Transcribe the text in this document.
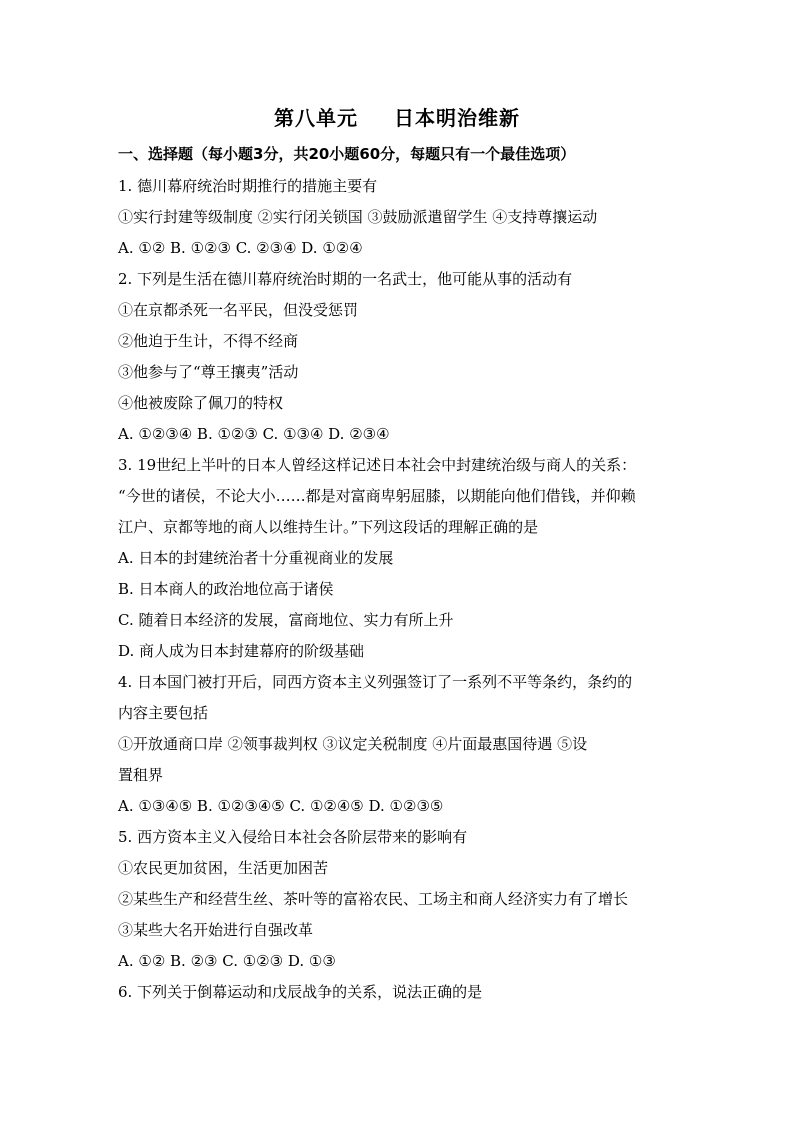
第八单元 日本明治维新
一、选择题（每小题3分，共20小题60分，每题只有一个最佳选项）
1. 德川幕府统治时期推行的措施主要有
①实行封建等级制度 ②实行闭关锁国 ③鼓励派遣留学生 ④支持尊攘运动
A. ①② B. ①②③ C. ②③④ D. ①②④
2. 下列是生活在德川幕府统治时期的一名武士，他可能从事的活动有
①在京都杀死一名平民，但没受惩罚
②他迫于生计，不得不经商
③他参与了“尊王攘夷”活动
④他被废除了佩刀的特权
A. ①②③④ B. ①②③ C. ①③④ D. ②③④
3. 19世纪上半叶的日本人曾经这样记述日本社会中封建统治级与商人的关系：
“今世的诸侯，不论大小……都是对富商卑躬屈膝，以期能向他们借钱，并仰赖
江户、京都等地的商人以维持生计。”下列这段话的理解正确的是
A. 日本的封建统治者十分重视商业的发展
B. 日本商人的政治地位高于诸侯
C. 随着日本经济的发展，富商地位、实力有所上升
D. 商人成为日本封建幕府的阶级基础
4. 日本国门被打开后，同西方资本主义列强签订了一系列不平等条约，条约的
内容主要包括
①开放通商口岸 ②领事裁判权 ③议定关税制度 ④片面最惠国待遇 ⑤设
置租界
A. ①③④⑤ B. ①②③④⑤ C. ①②④⑤ D. ①②③⑤
5. 西方资本主义入侵给日本社会各阶层带来的影响有
①农民更加贫困，生活更加困苦
②某些生产和经营生丝、茶叶等的富裕农民、工场主和商人经济实力有了增长
③某些大名开始进行自强改革
A. ①② B. ②③ C. ①②③ D. ①③
6. 下列关于倒幕运动和戊辰战争的关系，说法正确的是
